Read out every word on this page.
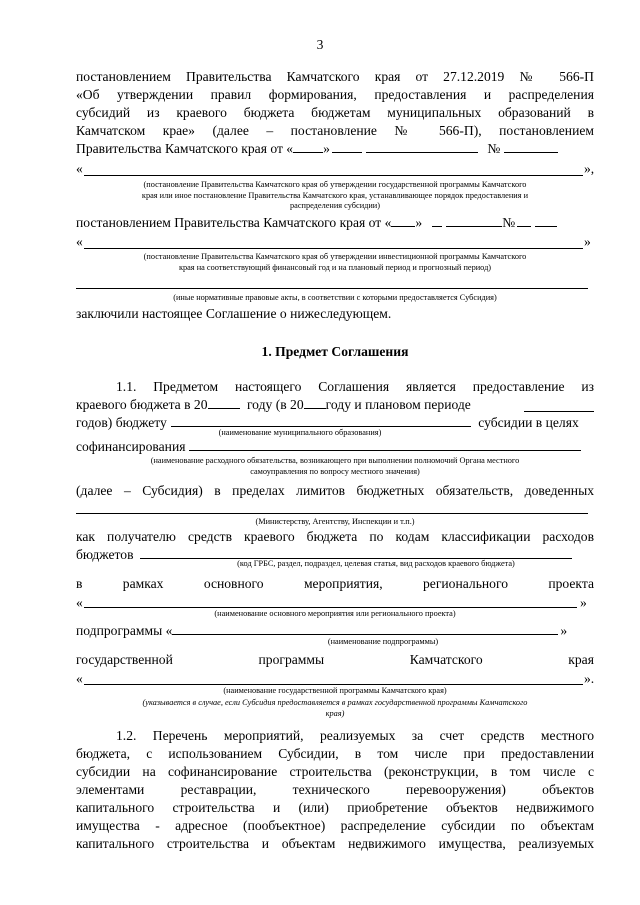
3
постановлением Правительства Камчатского края от 27.12.2019 № 566-П
«Об утверждении правил формирования, предоставления и распределения
субсидий из краевого бюджета бюджетам муниципальных образований в
Камчатском крае» (далее – постановление № 566-П), постановлением
Правительства Камчатского края от « »	№
«	»,
(постановление Правительства Камчатского края об утверждении государственной программы Камчатского
края или иное постановление Правительства Камчатского края, устанавливающее порядок предоставления и
распределения субсидии)
постановлением Правительства Камчатского края от « »	№
«	»
(постановление Правительства Камчатского края об утверждении инвестиционной программы Камчатского
края на соответствующий финансовый год и на плановый период и прогнозный период)
(иные нормативные правовые акты, в соответствии с которыми предоставляется Субсидия)
заключили настоящее Соглашение о нижеследующем.
1. Предмет Соглашения
1.1. Предметом настоящего Соглашения является предоставление из
краевого бюджета в 20	году (в 20 году и плановом периоде
годов) бюджету	субсидии в целях
(наименование муниципального образования)
софинансирования
(наименование расходного обязательства, возникающего при выполнении полномочий Органа местного
самоуправления по вопросу местного значения)
(далее – Субсидия) в пределах лимитов бюджетных обязательств, доведенных
(Министерству, Агентству, Инспекции и т.п.)
как получателю средств краевого бюджета по кодам классификации расходов
бюджетов
(код ГРБС, раздел, подраздел, целевая статья, вид расходов краевого бюджета)
в	рамках	основного	мероприятия,	регионального	проекта
«	»
(наименование основного мероприятия или регионального проекта)
подпрограммы «	»
(наименование подпрограммы)
государственной	программы	Камчатского	края
«	».
(наименование государственной программы Камчатского края)
(указывается в случае, если Субсидия предоставляется в рамках государственной программы Камчатского
края)
1.2. Перечень мероприятий, реализуемых за счет средств местного
бюджета, с использованием Субсидии, в том числе при предоставлении
субсидии на софинансирование строительства (реконструкции, в том числе с
элементами реставрации, технического перевооружения) объектов
капитального строительства и (или) приобретение объектов недвижимого
имущества - адресное (пообъектное) распределение субсидии по объектам
капитального строительства и объектам недвижимого имущества, реализуемых
